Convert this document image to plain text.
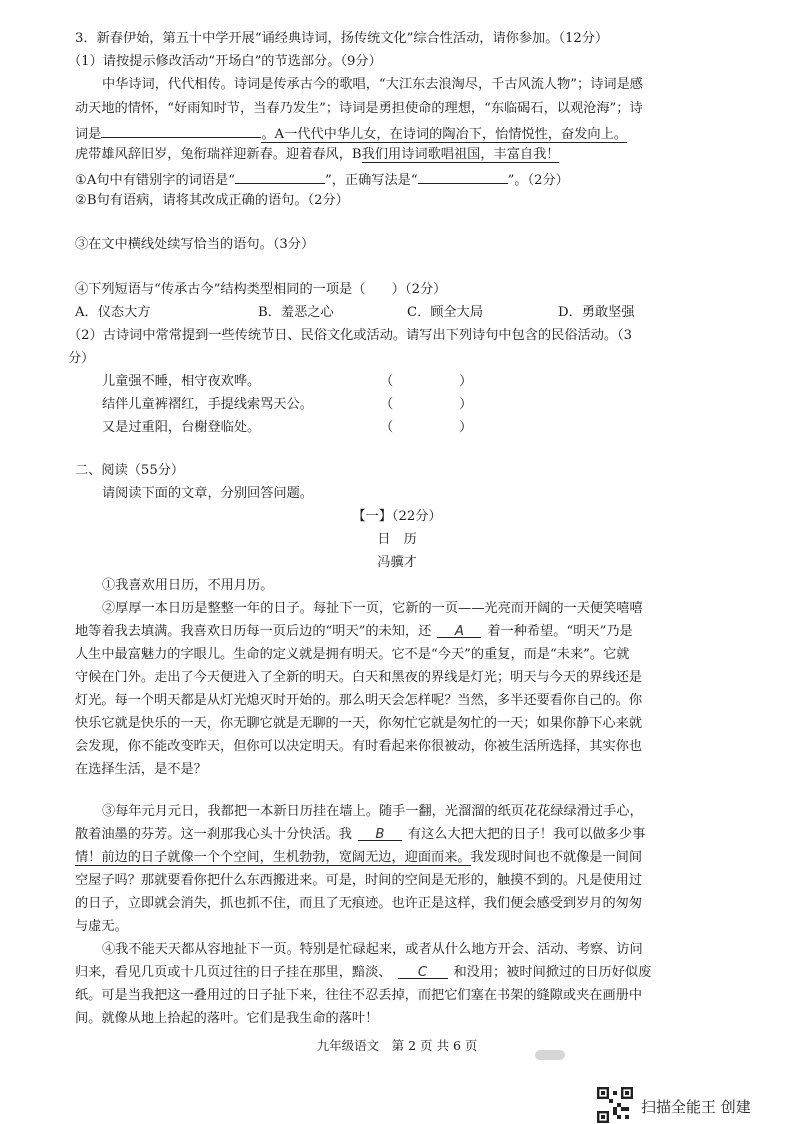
3．新春伊始，第五十中学开展“诵经典诗词，扬传统文化”综合性活动，请你参加。（12分）
（1）请按提示修改活动“开场白”的节选部分。（9分）
中华诗词，代代相传。诗词是传承古今的歌唱，“大江东去浪淘尽，千古风流人物”；诗词是感
动天地的情怀，“好雨知时节，当春乃发生”；诗词是勇担使命的理想，“东临碣石，以观沧海”；诗
词是	。A一代代中华儿女，在诗词的陶冶下，怡情悦性，奋发向上。
虎带雄风辞旧岁，兔衔瑞祥迎新春。迎着春风，B我们用诗词歌唱祖国，丰富自我！
①A句中有错别字的词语是“	”，正确写法是“	”。（2分）
②B句有语病，请将其改成正确的语句。（2分）
③在文中横线处续写恰当的语句。（3分）
④下列短语与“传承古今”结构类型相同的一项是（　　）（2分）
A．仪态大方	B．羞恶之心	C．顾全大局	D．勇敢坚强
（2）古诗词中常常提到一些传统节日、民俗文化或活动。请写出下列诗句中包含的民俗活动。（3
分）
儿童强不睡，相守夜欢哗。	（　　　　　）
结伴儿童裤褶红，手提线索骂天公。	（　　　　　）
又是过重阳，台榭登临处。	（　　　　　）
二、阅读（55分）
请阅读下面的文章，分别回答问题。
【一】（22分）
日　历
冯骥才
①我喜欢用日历，不用月历。
②厚厚一本日历是整整一年的日子。每扯下一页，它新的一页——光亮而开阔的一天便笑嘻嘻
地等着我去填满。我喜欢日历每一页后边的“明天”的未知，还 A 着一种希望。“明天”乃是
人生中最富魅力的字眼儿。生命的定义就是拥有明天。它不是“今天”的重复，而是“未来”。它就
守候在门外。走出了今天便进入了全新的明天。白天和黑夜的界线是灯光；明天与今天的界线还是
灯光。每一个明天都是从灯光熄灭时开始的。那么明天会怎样呢？当然，多半还要看你自己的。你
快乐它就是快乐的一天，你无聊它就是无聊的一天，你匆忙它就是匆忙的一天；如果你静下心来就
会发现，你不能改变昨天，但你可以决定明天。有时看起来你很被动，你被生活所选择，其实你也
在选择生活，是不是？
③每年元月元日，我都把一本新日历挂在墙上。随手一翻，光溜溜的纸页花花绿绿滑过手心，
散着油墨的芬芳。这一刹那我心头十分快活。我 B 有这么大把大把的日子！我可以做多少事
情！前边的日子就像一个个空间，生机勃勃，宽阔无边，迎面而来。我发现时间也不就像是一间间
空屋子吗？那就要看你把什么东西搬进来。可是，时间的空间是无形的，触摸不到的。凡是使用过
的日子，立即就会消失，抓也抓不住，而且了无痕迹。也许正是这样，我们便会感受到岁月的匆匆
与虚无。
④我不能天天都从容地扯下一页。特别是忙碌起来，或者从什么地方开会、活动、考察、访问
归来，看见几页或十几页过往的日子挂在那里，黯淡、 C 和没用；被时间掀过的日历好似废
纸。可是当我把这一叠用过的日子扯下来，往往不忍丢掉，而把它们塞在书架的缝隙或夹在画册中
间。就像从地上拾起的落叶。它们是我生命的落叶！
九年级语文　第 2 页 共 6 页
扫描全能王 创建
